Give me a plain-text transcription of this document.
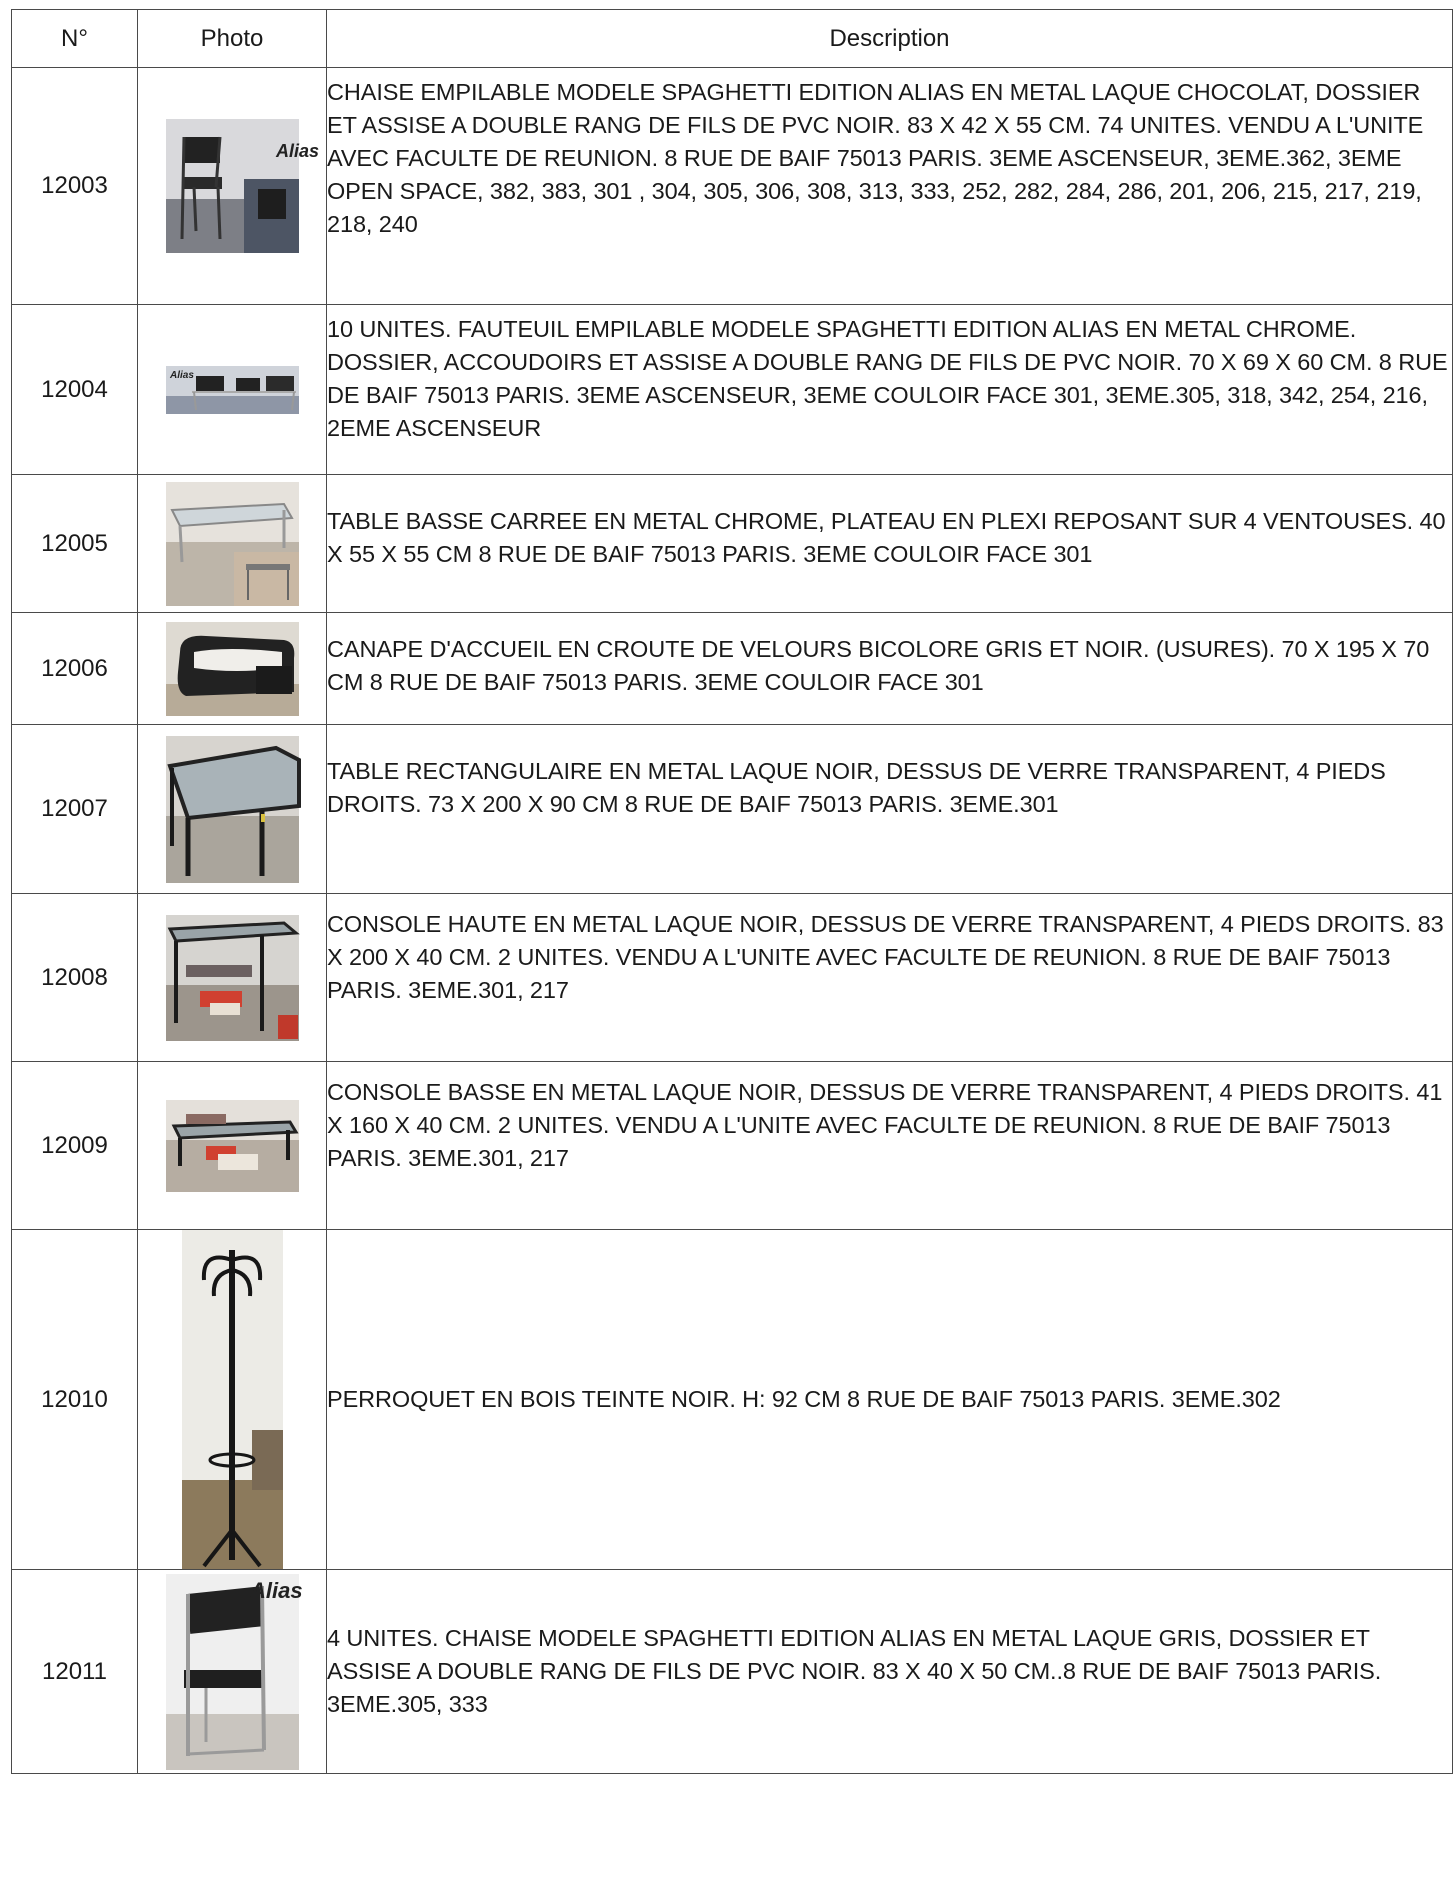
N°	Photo	Description
12003	Alias	CHAISE EMPILABLE MODELE SPAGHETTI EDITION ALIAS EN METAL LAQUE CHOCOLAT, DOSSIER ET ASSISE A DOUBLE RANG DE FILS DE PVC NOIR. 83 X 42 X 55 CM. 74 UNITES. VENDU A L'UNITE AVEC FACULTE DE REUNION. 8 RUE DE BAIF 75013 PARIS. 3EME ASCENSEUR, 3EME.362, 3EME OPEN SPACE, 382, 383, 301 , 304, 305, 306, 308, 313, 333, 252, 282, 284, 286, 201, 206, 215, 217, 219, 218, 240
12004	Alias	10 UNITES. FAUTEUIL EMPILABLE MODELE SPAGHETTI EDITION ALIAS EN METAL CHROME. DOSSIER, ACCOUDOIRS ET ASSISE A DOUBLE RANG DE FILS DE PVC NOIR. 70 X 69 X 60 CM. 8 RUE DE BAIF 75013 PARIS. 3EME ASCENSEUR, 3EME COULOIR FACE 301, 3EME.305, 318, 342, 254, 216, 2EME ASCENSEUR
12005		TABLE BASSE CARREE EN METAL CHROME, PLATEAU EN PLEXI REPOSANT SUR 4 VENTOUSES. 40 X 55 X 55 CM 8 RUE DE BAIF 75013 PARIS. 3EME COULOIR FACE 301
12006		CANAPE D'ACCUEIL EN CROUTE DE VELOURS BICOLORE GRIS ET NOIR. (USURES). 70 X 195 X 70 CM 8 RUE DE BAIF 75013 PARIS. 3EME COULOIR FACE 301
12007		TABLE RECTANGULAIRE EN METAL LAQUE NOIR, DESSUS DE VERRE TRANSPARENT, 4 PIEDS DROITS. 73 X 200 X 90 CM 8 RUE DE BAIF 75013 PARIS. 3EME.301
12008		CONSOLE HAUTE EN METAL LAQUE NOIR, DESSUS DE VERRE TRANSPARENT, 4 PIEDS DROITS. 83 X 200 X 40 CM. 2 UNITES. VENDU A L'UNITE AVEC FACULTE DE REUNION. 8 RUE DE BAIF 75013 PARIS. 3EME.301, 217
12009		CONSOLE BASSE EN METAL LAQUE NOIR, DESSUS DE VERRE TRANSPARENT, 4 PIEDS DROITS. 41 X 160 X 40 CM. 2 UNITES. VENDU A L'UNITE AVEC FACULTE DE REUNION. 8 RUE DE BAIF 75013 PARIS. 3EME.301, 217
12010		PERROQUET EN BOIS TEINTE NOIR. H: 92 CM 8 RUE DE BAIF 75013 PARIS. 3EME.302
12011	Alias	4 UNITES. CHAISE MODELE SPAGHETTI EDITION ALIAS EN METAL LAQUE GRIS, DOSSIER ET ASSISE A DOUBLE RANG DE FILS DE PVC NOIR. 83 X 40 X 50 CM..8 RUE DE BAIF 75013 PARIS. 3EME.305, 333
